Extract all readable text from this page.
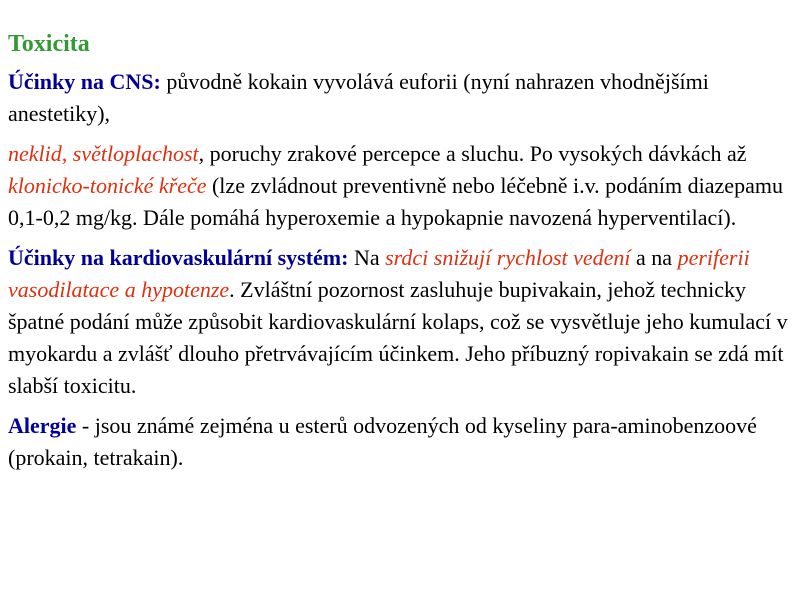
Toxicita

Účinky na CNS: původně kokain vyvolává euforii (nyní nahrazen vhodnějšími anestetiky),

neklid, světloplachost, poruchy zrakové percepce a sluchu. Po vysokých dávkách až klonicko-tonické křeče (lze zvládnout preventivně nebo léčebně i.v. podáním diazepamu 0,1-0,2 mg/kg. Dále pomáhá hyperoxemie a hypokapnie navozená hyperventilací).

Účinky na kardiovaskulární systém: Na srdci snižují rychlost vedení a na periferii vasodilatace a hypotenze. Zvláštní pozornost zasluhuje bupivakain, jehož technicky špatné podání může způsobit kardiovaskulární kolaps, což se vysvětluje jeho kumulací v myokardu a zvlášť dlouho přetrvávajícím účinkem. Jeho příbuzný ropivakain se zdá mít slabší toxicitu.

Alergie - jsou známé zejména u esterů odvozených od kyseliny para-aminobenzoové (prokain, tetrakain).
